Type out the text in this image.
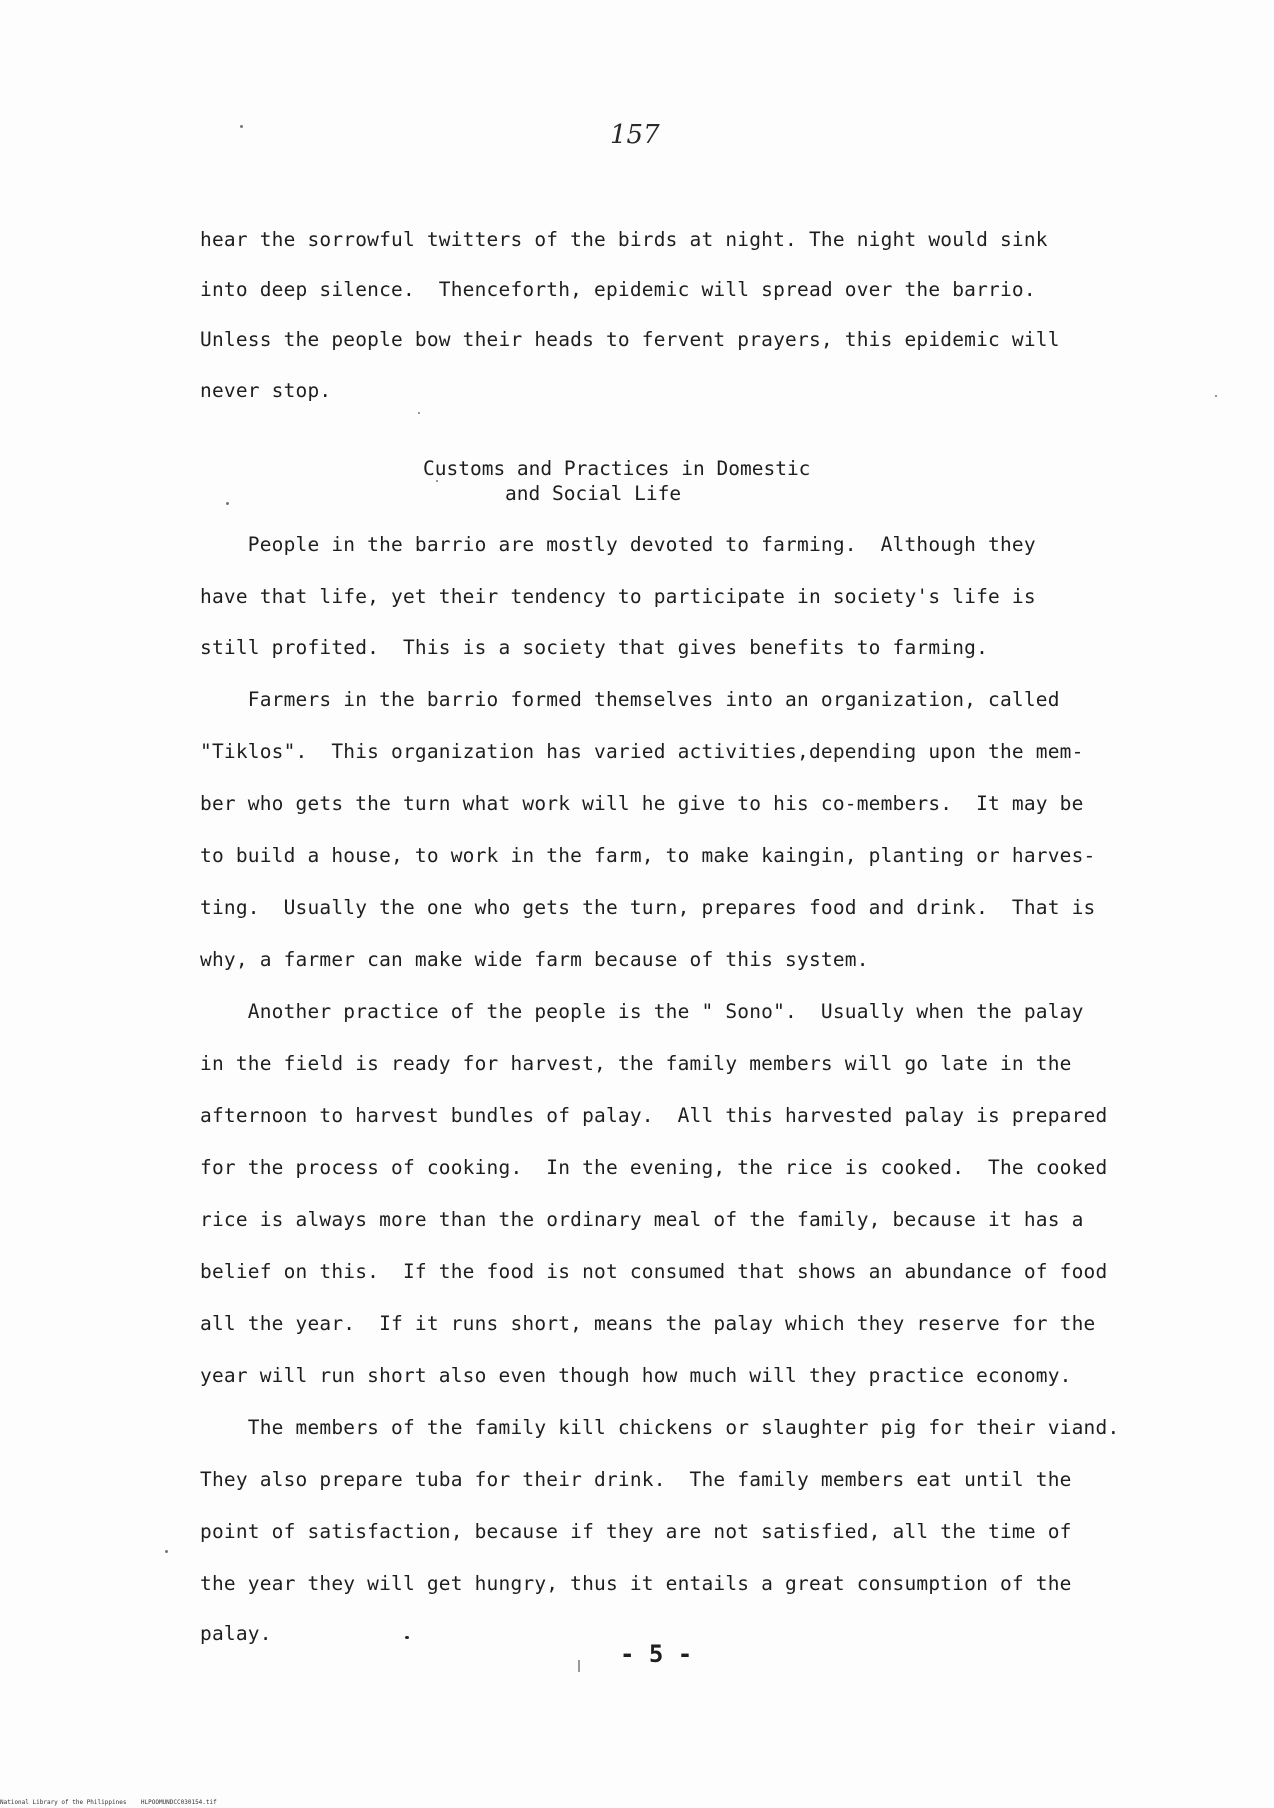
157
hear the sorrowful twitters of the birds at night. The night would sink
into deep silence.  Thenceforth, epidemic will spread over the barrio.
Unless the people bow their heads to fervent prayers, this epidemic will
never stop.
Customs and Practices in Domestic
and Social Life
People in the barrio are mostly devoted to farming.  Although they
have that life, yet their tendency to participate in society's life is
still profited.  This is a society that gives benefits to farming.
Farmers in the barrio formed themselves into an organization, called
"Tiklos".  This organization has varied activities,depending upon the mem-
ber who gets the turn what work will he give to his co-members.  It may be
to build a house, to work in the farm, to make kaingin, planting or harves-
ting.  Usually the one who gets the turn, prepares food and drink.  That is
why, a farmer can make wide farm because of this system.
Another practice of the people is the " Sono".  Usually when the palay
in the field is ready for harvest, the family members will go late in the
afternoon to harvest bundles of palay.  All this harvested palay is prepared
for the process of cooking.  In the evening, the rice is cooked.  The cooked
rice is always more than the ordinary meal of the family, because it has a
belief on this.  If the food is not consumed that shows an abundance of food
all the year.  If it runs short, means the palay which they reserve for the
year will run short also even though how much will they practice economy.
The members of the family kill chickens or slaughter pig for their viand.
They also prepare tuba for their drink.  The family members eat until the
point of satisfaction, because if they are not satisfied, all the time of
the year they will get hungry, thus it entails a great consumption of the
palay.
- 5 -
National Library of the Philippines    HLPOOMUNDCC030154.tif
